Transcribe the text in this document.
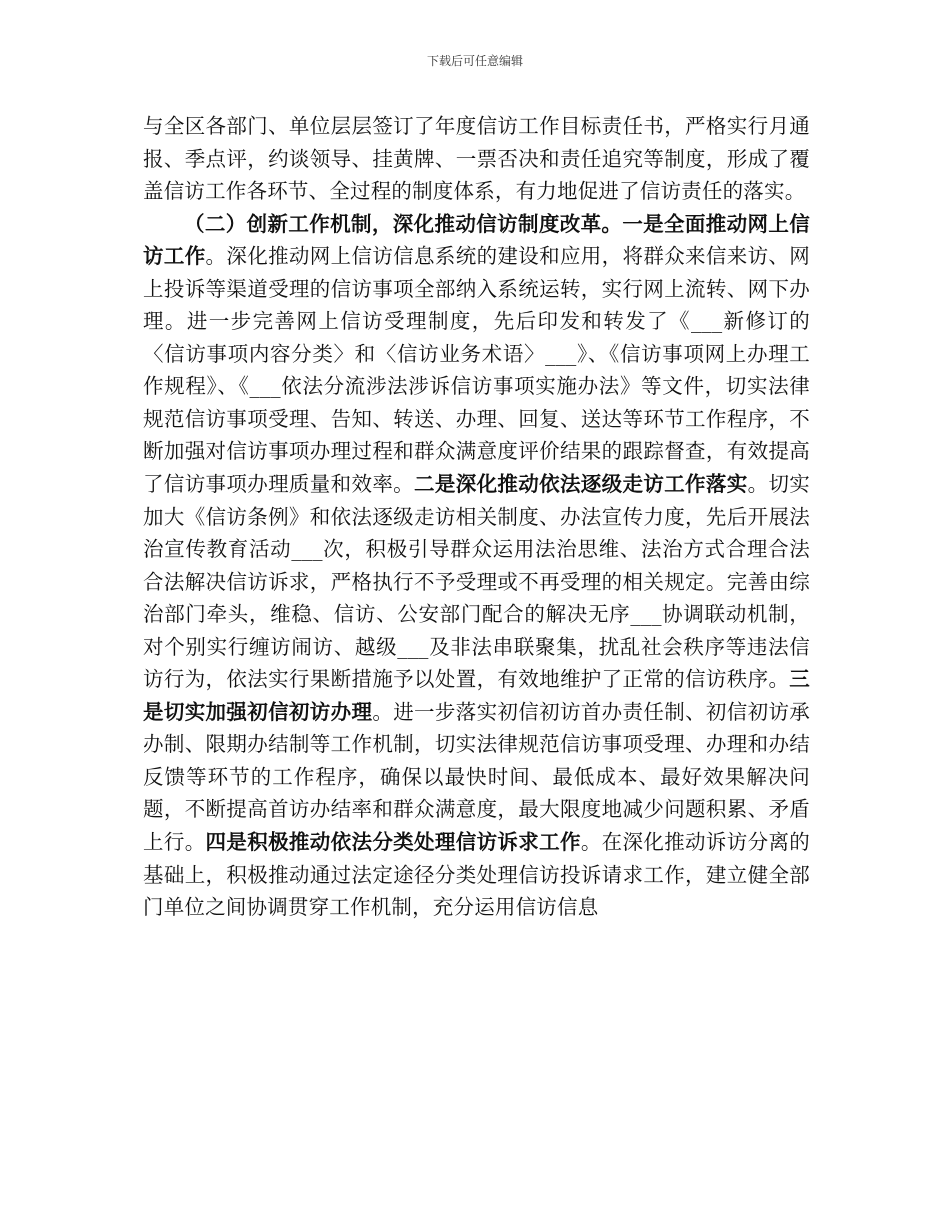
下载后可任意编辑

与全区各部门、单位层层签订了年度信访工作目标责任书，严格实行月通报、季点评，约谈领导、挂黄牌、一票否决和责任追究等制度，形成了覆盖信访工作各环节、全过程的制度体系，有力地促进了信访责任的落实。

（二）创新工作机制，深化推动信访制度改革。一是全面推动网上信访工作。深化推动网上信访信息系统的建设和应用，将群众来信来访、网上投诉等渠道受理的信访事项全部纳入系统运转，实行网上流转、网下办理。进一步完善网上信访受理制度，先后印发和转发了《___新修订的〈信访事项内容分类〉和〈信访业务术语〉___》、《信访事项网上办理工作规程》、《___依法分流涉法涉诉信访事项实施办法》等文件，切实法律规范信访事项受理、告知、转送、办理、回复、送达等环节工作程序，不断加强对信访事项办理过程和群众满意度评价结果的跟踪督查，有效提高了信访事项办理质量和效率。二是深化推动依法逐级走访工作落实。切实加大《信访条例》和依法逐级走访相关制度、办法宣传力度，先后开展法治宣传教育活动___次，积极引导群众运用法治思维、法治方式合理合法合法解决信访诉求，严格执行不予受理或不再受理的相关规定。完善由综治部门牵头，维稳、信访、公安部门配合的解决无序___协调联动机制，对个别实行缠访闹访、越级___及非法串联聚集，扰乱社会秩序等违法信访行为，依法实行果断措施予以处置，有效地维护了正常的信访秩序。三是切实加强初信初访办理。进一步落实初信初访首办责任制、初信初访承办制、限期办结制等工作机制，切实法律规范信访事项受理、办理和办结反馈等环节的工作程序，确保以最快时间、最低成本、最好效果解决问题，不断提高首访办结率和群众满意度，最大限度地减少问题积累、矛盾上行。四是积极推动依法分类处理信访诉求工作。在深化推动诉访分离的基础上，积极推动通过法定途径分类处理信访投诉请求工作，建立健全部门单位之间协调贯穿工作机制，充分运用信访信息
